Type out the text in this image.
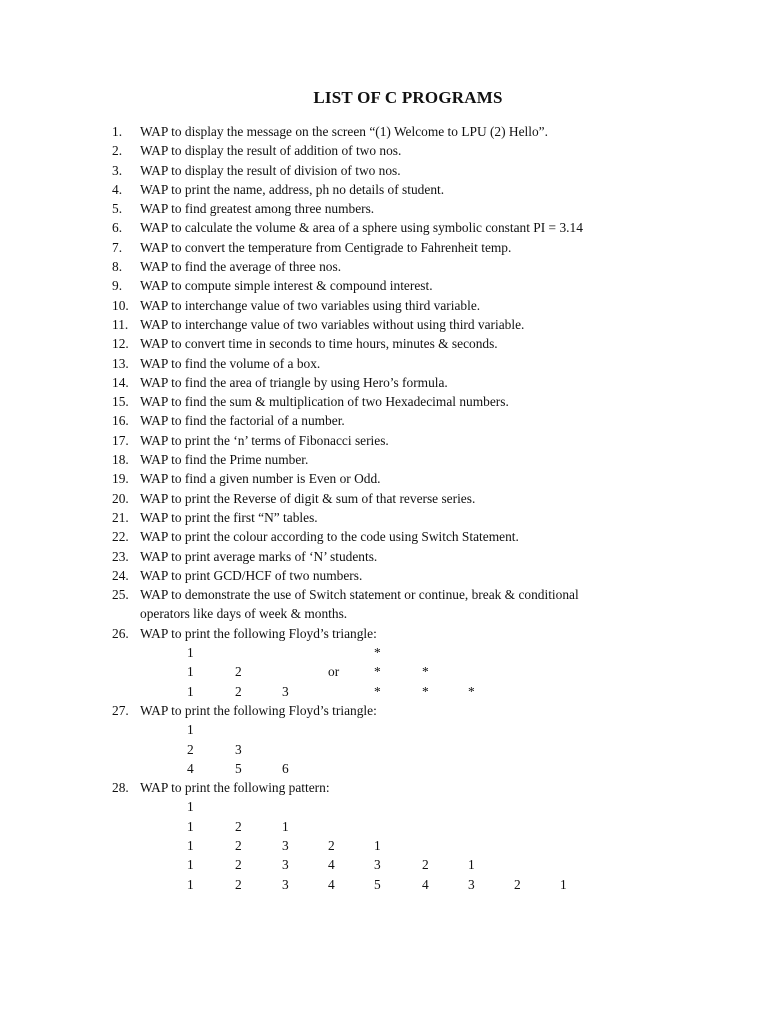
LIST OF C PROGRAMS
1.	WAP to display the message on the screen “(1) Welcome to LPU (2) Hello”.
2.	WAP to display the result of addition of two nos.
3.	WAP to display the result of division of two nos.
4.	WAP to print the name, address, ph no details of student.
5.	WAP to find greatest among three numbers.
6.	WAP to calculate the volume & area of a sphere using symbolic constant PI = 3.14
7.	WAP to convert the temperature from Centigrade to Fahrenheit temp.
8.	WAP to find the average of three nos.
9.	WAP to compute simple interest & compound interest.
10. WAP to interchange value of two variables using third variable.
11. WAP to interchange value of two variables without using third variable.
12. WAP to convert time in seconds to time hours, minutes & seconds.
13. WAP to find the volume of a box.
14. WAP to find the area of triangle by using Hero’s formula.
15. WAP to find the sum & multiplication of two Hexadecimal numbers.
16. WAP to find the factorial of a number.
17. WAP to print the ‘n’ terms of Fibonacci series.
18. WAP to find the Prime number.
19. WAP to find a given number is Even or Odd.
20. WAP to print the Reverse of digit & sum of that reverse series.
21. WAP to print the first “N” tables.
22. WAP to print the colour according to the code using Switch Statement.
23. WAP to print average marks of ‘N’ students.
24. WAP to print GCD/HCF of two numbers.
25. WAP to demonstrate the use of Switch statement or continue, break & conditional
operators like days of week & months.
26. WAP to print the following Floyd’s triangle:
1	*
1	2	or	*	*
1	2	3	*	*	*
27. WAP to print the following Floyd’s triangle:
1
2	3
4	5	6
28. WAP to print the following pattern:
1
1	2	1
1	2	3	2	1
1	2	3	4	3	2	1
1	2	3	4	5	4	3	2	1
